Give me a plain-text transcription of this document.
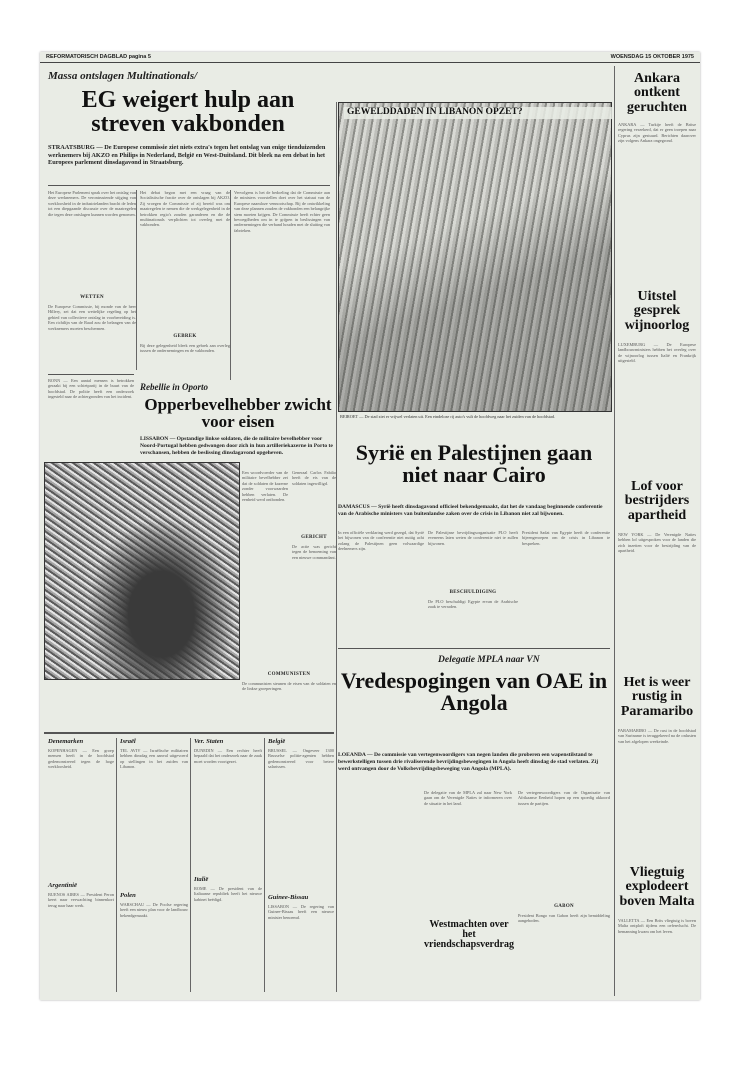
REFORMATORISCH DAGBLAD pagina 5	WOENSDAG 15 OKTOBER 1975
Massa ontslagen Multinationals/
EG weigert hulp aan streven vakbonden
STRAATSBURG — De Europese commissie ziet niets extra's tegen het ontslag van enige tienduizenden werknemers bij AKZO en Philips in Nederland, België en West-Duitsland. Dit bleek na een debat in het Europees parlement dinsdagavond in Straatsburg.
Het Europese Parlement sprak over het ontslag van deze werknemers. De verontrustende stijging van werkloosheid in de industrielanden bracht de leden tot een diepgaande discussie over de maatregelen die tegen deze ontslagen kunnen worden genomen.
WETTEN
De Europese Commissie, bij monde van de heer Hillery, zei dat een wettelijke regeling op het gebied van collectieve ontslag in voorbereiding is. Een richtlijn van de Raad zou de belangen van de werknemers moeten beschermen.
Het debat begon met een vraag van de Socialistische fractie over de ontslagen bij AKZO. Zij vroegen de Commissie of zij bereid was om maatregelen te nemen die de werkgelegenheid in de betrokken regio's zouden garanderen en die de multinationals verplichten tot overleg met de vakbonden.
GEBREK
Bij deze gelegenheid bleek een gebrek aan overleg tussen de ondernemingen en de vakbonden.
Vervolgens is het de bedoeling dat de Commissie aan de ministers voorstellen doet over het statuut van de Europese naamloze vennootschap. Bij de ontwikkeling van deze plannen zouden de vakbonden een belangrijke stem moeten krijgen. De Commissie heeft echter geen bevoegdheden om in te grijpen in beslissingen van ondernemingen die verband houden met de sluiting van fabrieken.
BONN — Een aantal mensen is betrokken geraakt bij een schietpartij in de buurt van de hoofdstad. De politie heeft een onderzoek ingesteld naar de achtergronden van het incident.
Rebellie in Oporto
Opperbevelhebber zwicht voor eisen
LISSABON — Opstandige linkse soldaten, die de militaire bevelhebber voor Noord-Portugal hebben gedwongen door zich in hun artilleriekazerne in Porto te verschansen, hebben de beslissing dinsdagavond opgeheven.
Een woordvoerder van de militaire bevelhebber zei dat de soldaten de kazerne zonder voorwaarden hebben verlaten. De eenheid werd ontbonden.
Generaal Carlos Fabião heeft de eis van de soldaten ingewilligd.
GERICHT
De actie was gericht tegen de benoeming van een nieuwe commandant.
COMMUNISTEN
De communisten steunen de eisen van de soldaten en de linkse groeperingen.
GEWELDDADEN IN LIBANON OPZET?
BEIROET — De stad ziet er vrijwel verlaten uit. Een eindeloze rij auto's vult de hoofdweg naar het zuiden van de hoofdstad.
Syrië en Palestijnen gaan niet naar Cairo
DAMASCUS — Syrië heeft dinsdagavond officieel bekendgemaakt, dat het de vandaag beginnende conferentie van de Arabische ministers van buitenlandse zaken over de crisis in Libanon niet zal bijwonen.
In een officiële verklaring werd gezegd, dat Syrië het bijwonen van de conferentie niet nuttig acht zolang de Palestijnen geen volwaardige deelnemers zijn.
BESCHULDIGING
De Palestijnse bevrijdingsorganisatie PLO heeft eveneens laten weten de conferentie niet te zullen bijwonen.
De PLO beschuldigt Egypte ervan de Arabische zaak te verraden.
President Sadat van Egypte heeft de conferentie bijeengeroepen om de crisis in Libanon te bespreken.
Delegatie MPLA naar VN
Vredespogingen van OAE in Angola
LOEANDA — De commissie van vertegenwoordigers van negen landen die proberen een wapenstilstand te bewerkstelligen tussen drie rivaliserende bevrijdingsbewegingen in Angola heeft dinsdag de stad verlaten. Zij werd ontvangen door de Volksbevrijdingsbeweging van Angola (MPLA).
De delegatie van de MPLA zal naar New York gaan om de Verenigde Naties te informeren over de situatie in het land.
De vertegenwoordigers van de Organisatie van Afrikaanse Eenheid hopen op een spoedig akkoord tussen de partijen.
GABON
President Bongo van Gabon heeft zijn bemiddeling aangeboden.
Westmachten over het vriendschapsverdrag
Ankara ontkent geruchten
ANKARA — Turkije heeft de Britse regering verzekerd, dat er geen troepen naar Cyprus zijn gestuurd. Berichten daarover zijn volgens Ankara ongegrond.
Uitstel gesprek wijnoorlog
LUXEMBURG — De Europese landbouwministers hebben het overleg over de wijnoorlog tussen Italië en Frankrijk uitgesteld.
Lof voor bestrijders apartheid
NEW YORK — De Verenigde Naties hebben lof uitgesproken voor de landen die zich inzetten voor de bestrijding van de apartheid.
Het is weer rustig in Paramaribo
PARAMARIBO — De rust in de hoofdstad van Suriname is teruggekeerd na de onlusten van het afgelopen weekeinde.
Vliegtuig explodeert boven Malta
VALLETTA — Een Brits vliegtuig is boven Malta ontploft tijdens een oefenvlucht. De bemanning kwam om het leven.
Denemarken
KOPENHAGEN — Een groep mensen heeft in de hoofdstad gedemonstreerd tegen de hoge werkloosheid.
Argentinië
BUENOS AIRES — President Peron keert naar verwachting binnenkort terug naar haar werk.
Israël
TEL AVIV — Israëlische militairen hebben dinsdag een aanval uitgevoerd op stellingen in het zuiden van Libanon.
Polen
WARSCHAU — De Poolse regering heeft een nieuw plan voor de landbouw bekendgemaakt.
Ver. Staten
DUNEDIN — Een rechter heeft bepaald dat het onderzoek naar de zaak moet worden voortgezet.
Italië
ROME — De president van de Italiaanse republiek heeft het nieuwe kabinet beëdigd.
België
BRUSSEL — Ongeveer 1300 Brusselse politie-agenten hebben gedemonstreerd voor betere salarissen.
Guinee-Bissau
LISSABON — De regering van Guinee-Bissau heeft een nieuwe minister benoemd.
